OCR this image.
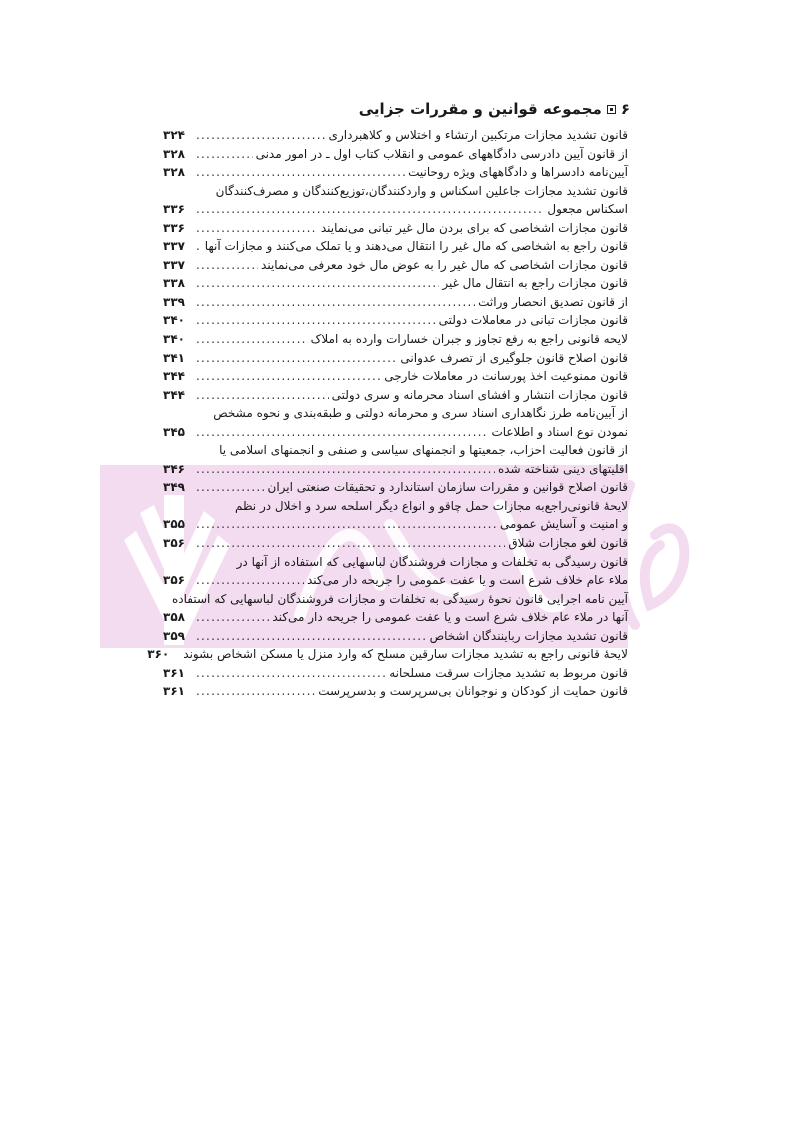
۶
مجموعه قوانین و مقررات جزایی
قانون تشدید مجازات مرتکبین ارتشاء و اختلاس و کلاهبرداری
. . .
۳۲۴
از قانون آیین دادرسی دادگاههای عمومی و انقلاب کتاب اول ـ در امور مدنی
. . .
۳۲۸
آیین‌نامه دادسراها و دادگاههای ویژه روحانیت
. . .
۳۲۸
قانون تشدید مجازات جاعلین اسکناس و واردکنندگان،توزیع‌کنندگان و مصرف‌کنندگان
اسکناس مجعول
. . .
۳۳۶
قانون مجازات اشخاصی که برای بردن مال غیر تبانی می‌نمایند
. . .
۳۳۶
قانون راجع به اشخاصی که مال غیر را انتقال می‌دهند و یا تملک می‌کنند و مجازات آنها
. . .
۳۳۷
قانون مجازات اشخاصی که مال غیر را به عوض مال خود معرفی می‌نمایند
. . .
۳۳۷
قانون مجازات راجع به انتقال مال غیر
. . .
۳۳۸
از قانون تصدیق انحصار وراثت
. . .
۳۳۹
قانون مجازات تبانی در معاملات دولتی
. . .
۳۴۰
لایحه قانونی راجع به رفع تجاوز و جبران خسارات وارده به املاک
. . .
۳۴۰
قانون اصلاح قانون جلوگیری از تصرف عدوانی
. . .
۳۴۱
قانون ممنوعیت اخذ پورسانت در معاملات خارجی
. . .
۳۴۴
قانون مجازات انتشار و افشای اسناد محرمانه و سری دولتی
. . .
۳۴۴
از آیین‌نامه طرز نگاهداری اسناد سری و محرمانه دولتی و طبقه‌بندی و نحوه مشخص
نمودن نوع اسناد و اطلاعات
. . .
۳۴۵
از قانون فعالیت احزاب، جمعیتها و انجمنهای سیاسی و صنفی و انجمنهای اسلامی یا
اقلیتهای دینی شناخته شده
. . .
۳۴۶
قانون اصلاح قوانین و مقررات سازمان استاندارد و تحقیقات صنعتی ایران
. . .
۳۴۹
لایحهٔ قانونی‌راجع‌به مجازات حمل چاقو و انواع دیگر اسلحه سرد و اخلال در نظم
و امنیت و آسایش عمومی
. . .
۳۵۵
قانون لغو مجازات شلاق
. . .
۳۵۶
قانون رسیدگی به تخلفات و مجازات فروشندگان لباسهایی که استفاده از آنها در
ملاء عام خلاف شرع است و یا عفت عمومی را جریحه دار می‌کند
. . .
۳۵۶
آیین نامه اجرایی قانون نحوهٔ رسیدگی به تخلفات و مجازات فروشندگان لباسهایی که استفاده
آنها در ملاء عام خلاف شرع است و یا عفت عمومی را جریحه دار می‌کند
. . .
۳۵۸
قانون تشدید مجازات رباینندگان اشخاص
. . .
۳۵۹
لایحهٔ قانونی راجع به تشدید مجازات سارقین مسلح که وارد منزل یا مسکن اشخاص بشوند
۳۶۰
قانون مربوط به تشدید مجازات سرقت مسلحانه
. . .
۳۶۱
قانون حمایت از کودکان و نوجوانان بی‌سرپرست و بدسرپرست
. . .
۳۶۱
